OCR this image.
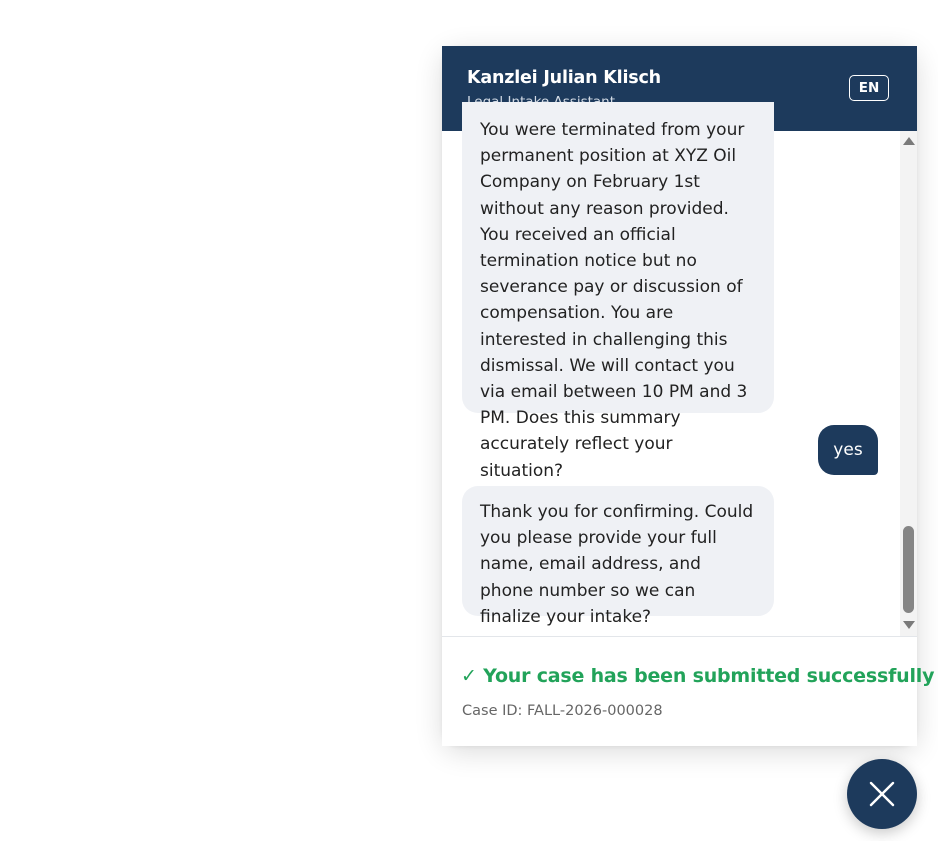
Kanzlei Julian Klisch	EN
You were terminated from your permanent position at XYZ Oil Company on February 1st without any reason provided. You received an official termination notice but no severance pay or discussion of compensation. You are interested in challenging this dismissal. We will contact you via email between 10 PM and 3 PM. Does this summary accurately reflect your situation?
yes
Thank you for confirming. Could you please provide your full name, email address, and phone number so we can finalize your intake?
✓ Your case has been submitted successfully
Case ID: FALL-2026-000028
